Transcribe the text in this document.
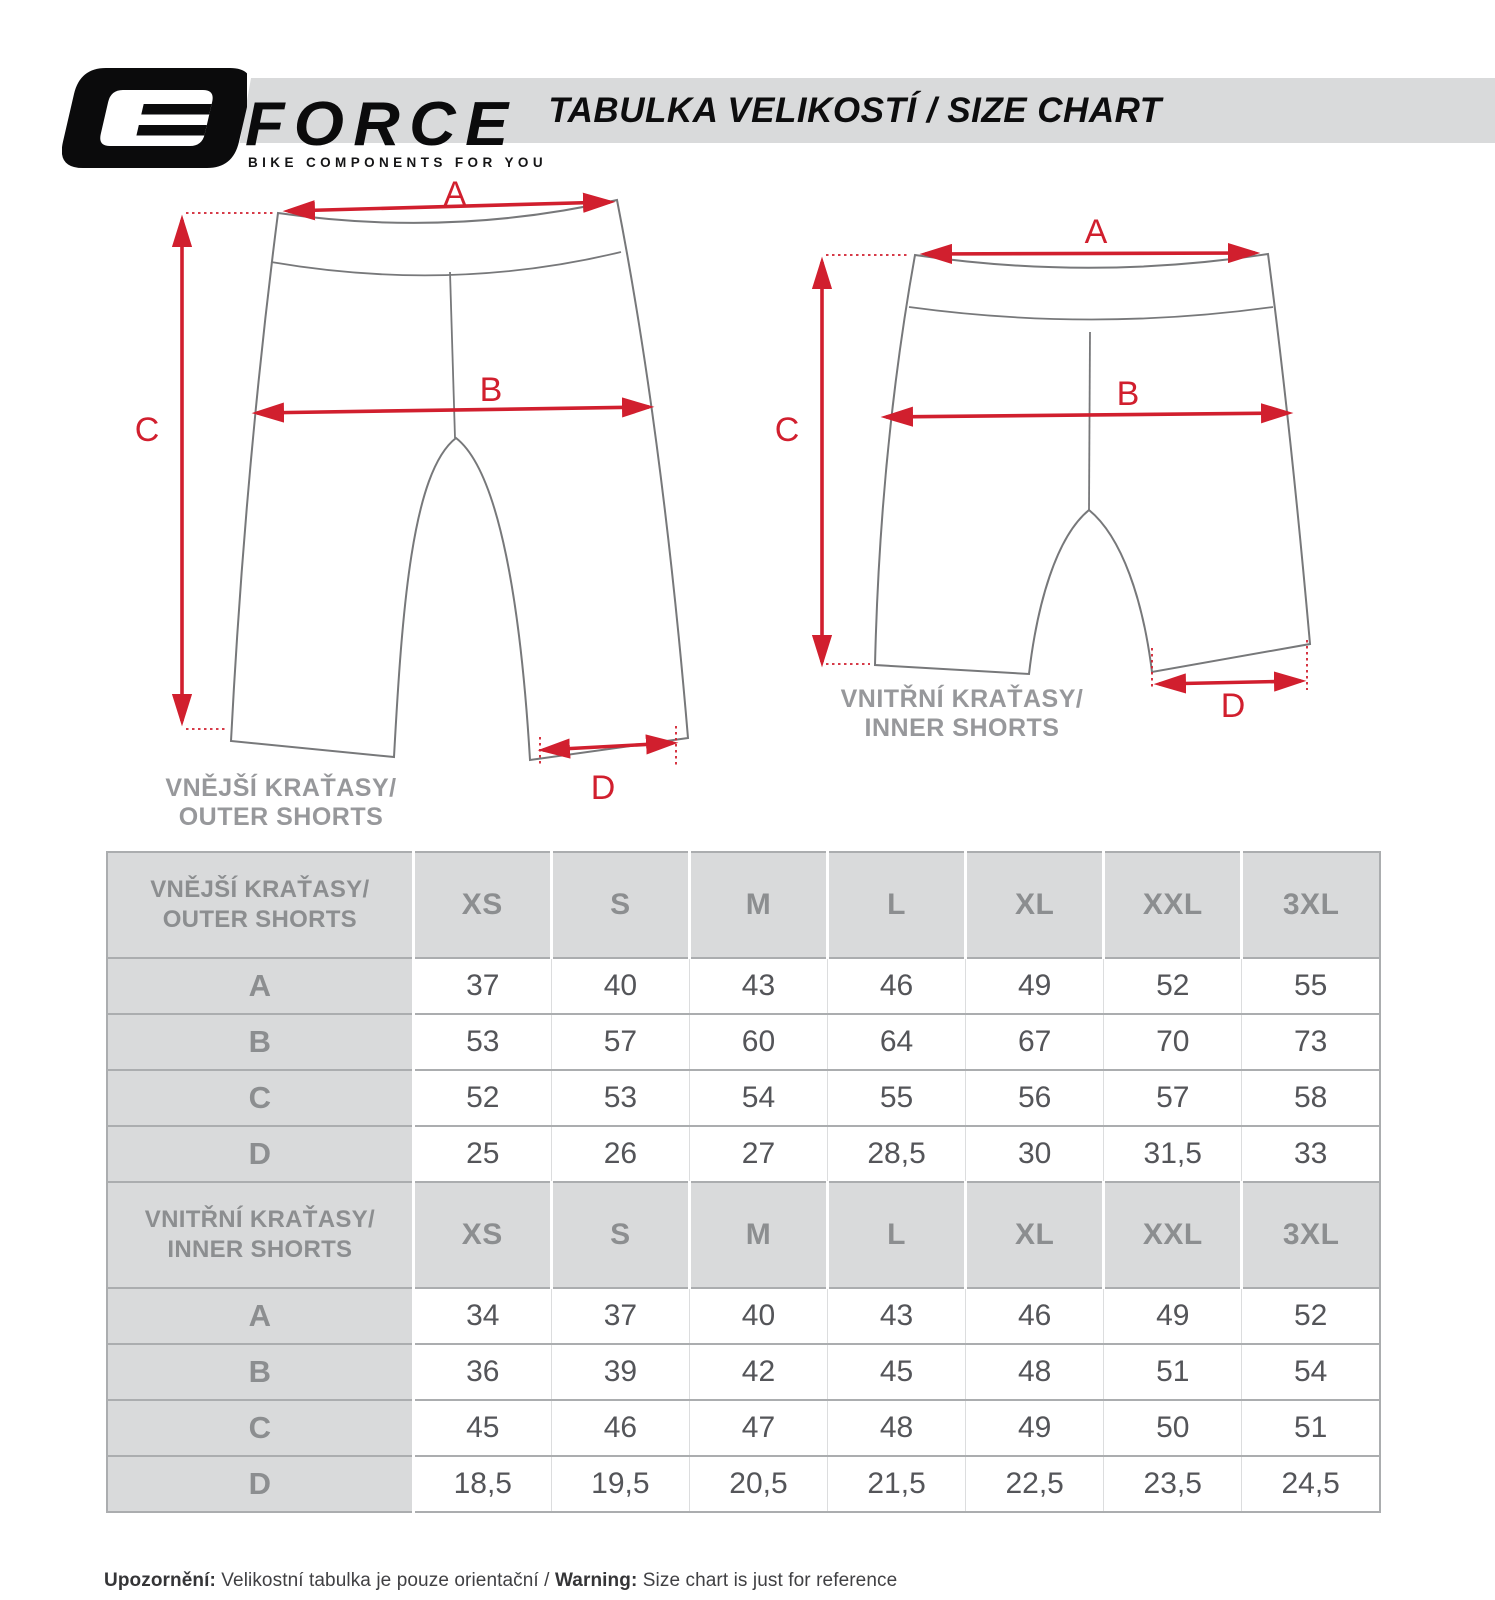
TABULKA VELIKOSTÍ / SIZE CHART
FORCE
BIKE COMPONENTS FOR YOU
A
B
C
D
VNĚJŠÍ KRAŤASY/
OUTER SHORTS
A
B
C
D
VNITŘNÍ KRAŤASY/
INNER SHORTS
VNĚJŠÍ KRAŤASY/
OUTER SHORTS	XS	S	M	L	XL	XXL	3XL
A	37	40	43	46	49	52	55
B	53	57	60	64	67	70	73
C	52	53	54	55	56	57	58
D	25	26	27	28,5	30	31,5	33

VNITŘNÍ KRAŤASY/
INNER SHORTS	XS	S	M	L	XL	XXL	3XL
A	34	37	40	43	46	49	52
B	36	39	42	45	48	51	54
C	45	46	47	48	49	50	51
D	18,5	19,5	20,5	21,5	22,5	23,5	24,5

Upozornění: Velikostní tabulka je pouze orientační / Warning: Size chart is just for reference
